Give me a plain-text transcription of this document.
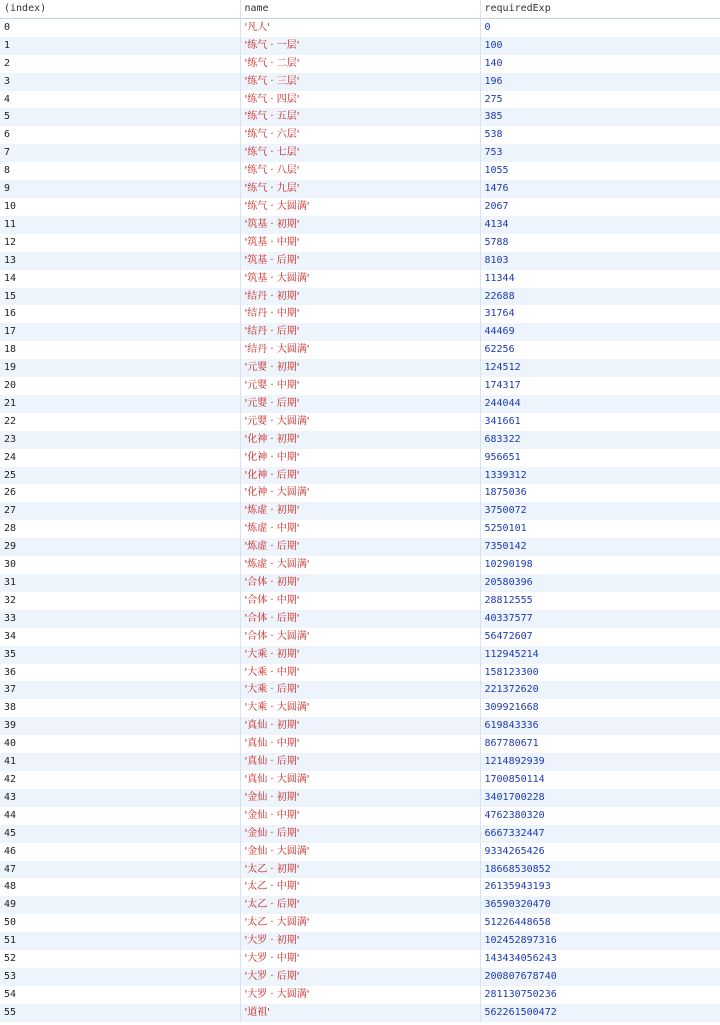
(index)	name	requiredExp
0	'凡人'	0
1	'练气 · 一层'	100
2	'练气 · 二层'	140
3	'练气 · 三层'	196
4	'练气 · 四层'	275
5	'练气 · 五层'	385
6	'练气 · 六层'	538
7	'练气 · 七层'	753
8	'练气 · 八层'	1055
9	'练气 · 九层'	1476
10	'练气 · 大圆满'	2067
11	'筑基 · 初期'	4134
12	'筑基 · 中期'	5788
13	'筑基 · 后期'	8103
14	'筑基 · 大圆满'	11344
15	'结丹 · 初期'	22688
16	'结丹 · 中期'	31764
17	'结丹 · 后期'	44469
18	'结丹 · 大圆满'	62256
19	'元婴 · 初期'	124512
20	'元婴 · 中期'	174317
21	'元婴 · 后期'	244044
22	'元婴 · 大圆满'	341661
23	'化神 · 初期'	683322
24	'化神 · 中期'	956651
25	'化神 · 后期'	1339312
26	'化神 · 大圆满'	1875036
27	'炼虚 · 初期'	3750072
28	'炼虚 · 中期'	5250101
29	'炼虚 · 后期'	7350142
30	'炼虚 · 大圆满'	10290198
31	'合体 · 初期'	20580396
32	'合体 · 中期'	28812555
33	'合体 · 后期'	40337577
34	'合体 · 大圆满'	56472607
35	'大乘 · 初期'	112945214
36	'大乘 · 中期'	158123300
37	'大乘 · 后期'	221372620
38	'大乘 · 大圆满'	309921668
39	'真仙 · 初期'	619843336
40	'真仙 · 中期'	867780671
41	'真仙 · 后期'	1214892939
42	'真仙 · 大圆满'	1700850114
43	'金仙 · 初期'	3401700228
44	'金仙 · 中期'	4762380320
45	'金仙 · 后期'	6667332447
46	'金仙 · 大圆满'	9334265426
47	'太乙 · 初期'	18668530852
48	'太乙 · 中期'	26135943193
49	'太乙 · 后期'	36590320470
50	'太乙 · 大圆满'	51226448658
51	'大罗 · 初期'	102452897316
52	'大罗 · 中期'	143434056243
53	'大罗 · 后期'	200807678740
54	'大罗 · 大圆满'	281130750236
55	'道祖'	562261500472
